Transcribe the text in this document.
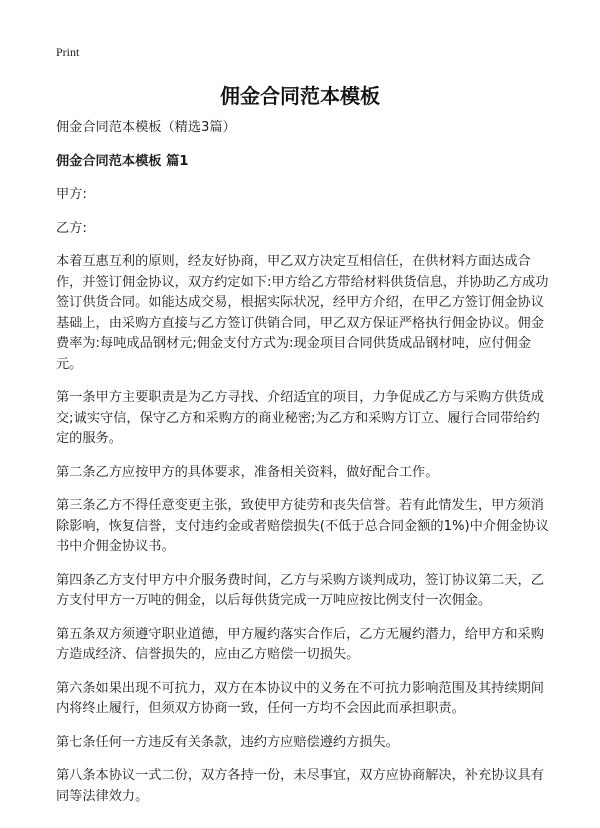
Print
佣金合同范本模板

佣金合同范本模板（精选3篇）

佣金合同范本模板 篇1

甲方:

乙方:

本着互惠互利的原则，经友好协商，甲乙双方决定互相信任，在供材料方面达成合作，并签订佣金协议，双方约定如下:甲方给乙方带给材料供货信息，并协助乙方成功签订供货合同。如能达成交易，根据实际状况，经甲方介绍，在甲乙方签订佣金协议基础上，由采购方直接与乙方签订供销合同，甲乙双方保证严格执行佣金协议。佣金费率为:每吨成品钢材元;佣金支付方式为:现金项目合同供货成品钢材吨，应付佣金元。

第一条甲方主要职责是为乙方寻找、介绍适宜的项目，力争促成乙方与采购方供货成交;诚实守信，保守乙方和采购方的商业秘密;为乙方和采购方订立、履行合同带给约定的服务。

第二条乙方应按甲方的具体要求，准备相关资料，做好配合工作。

第三条乙方不得任意变更主张，致使甲方徒劳和丧失信誉。若有此情发生，甲方须消除影响，恢复信誉，支付违约金或者赔偿损失(不低于总合同金额的1%)中介佣金协议书中介佣金协议书。

第四条乙方支付甲方中介服务费时间，乙方与采购方谈判成功，签订协议第二天，乙方支付甲方一万吨的佣金，以后每供货完成一万吨应按比例支付一次佣金。

第五条双方须遵守职业道德，甲方履约落实合作后，乙方无履约潜力，给甲方和采购方造成经济、信誉损失的，应由乙方赔偿一切损失。

第六条如果出现不可抗力，双方在本协议中的义务在不可抗力影响范围及其持续期间内将终止履行，但须双方协商一致，任何一方均不会因此而承担职责。

第七条任何一方违反有关条款，违约方应赔偿遵约方损失。

第八条本协议一式二份，双方各持一份，未尽事宜，双方应协商解决，补充协议具有同等法律效力。
